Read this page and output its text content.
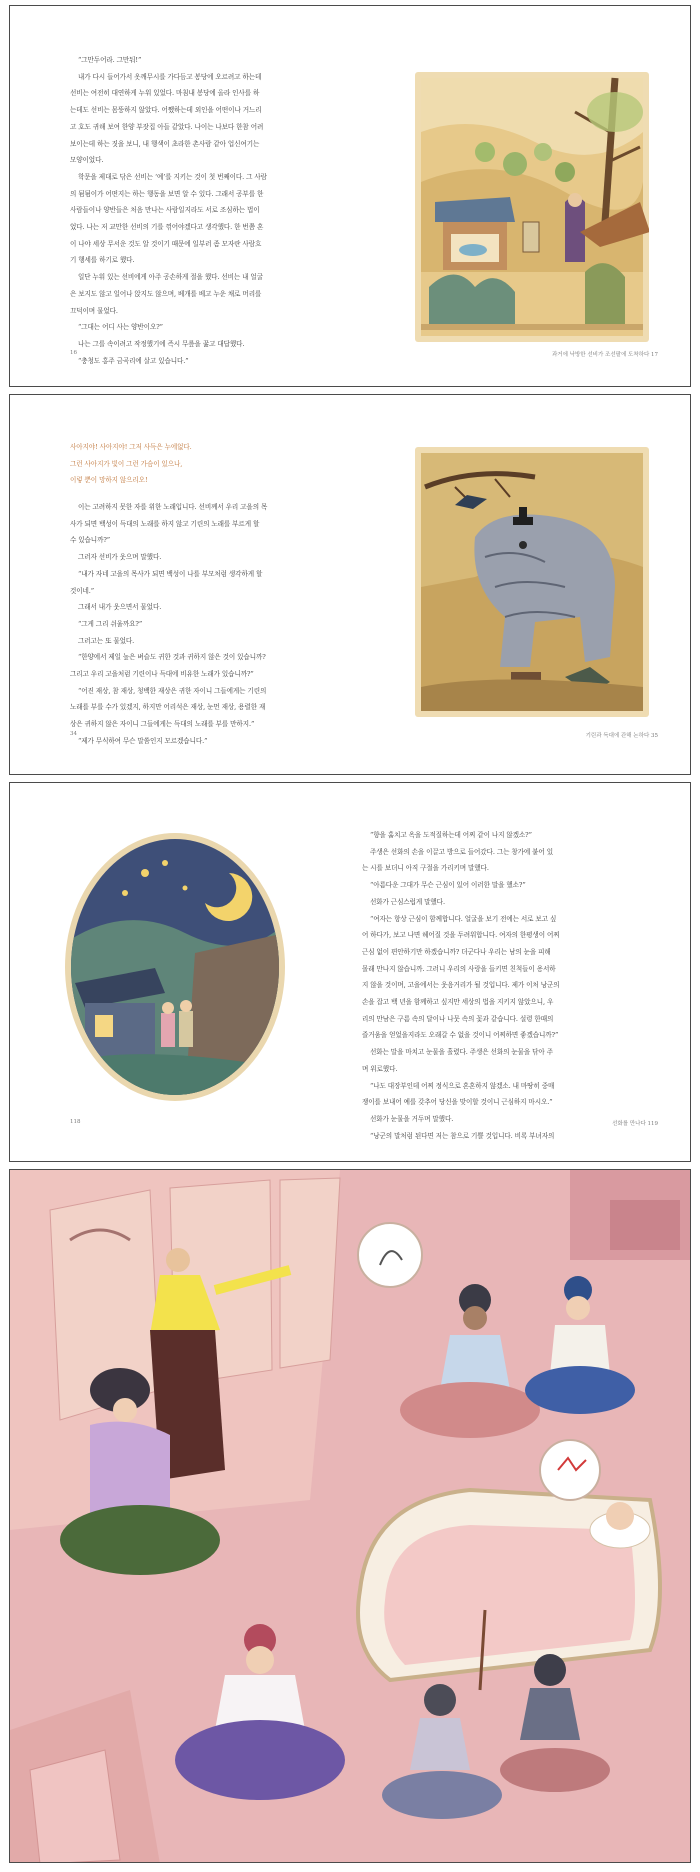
“그만두어라. 그만둬!”

내가 다시 들어가서 옷깨무시를 가다듬고 봉당에 오르려고 하는데

선비는 여전히 대연하게 누워 있었다. 마침내 봉당에 올라 인사를 하

는데도 선비는 몸뚱하지 않았다. 어쨌하는데 외인을 어떤이나 거느리

고 호도 귀해 보여 한양 부잣집 아들 같았다. 나이는 나보다 한참 어려

보이는데 하는 짓을 보니, 내 행색이 초라한 촌사람 같아 업신여기는

모양이었다.

학문을 제대로 닦은 선비는 ‘예’를 지키는 것이 첫 번째이다. 그 사람

의 됨됨이가 어떤지는 하는 행동을 보면 알 수 있다. 그래서 공부를 한

사람들이나 양반들은 처음 만나는 사람일지라도 서로 조심하는 법이

었다. 나는 저 교만한 선비의 기를 꺾어야겠다고 생각했다. 한 번쯤 혼

이 나야 세상 무서운 것도 알 것이기 때문에 일부러 좀 모자란 사람흐

기 행세를 하기로 했다.

일단 누워 있는 선비에게 아주 공손하게 절을 했다. 선비는 내 얼굴

은 보지도 않고 일어나 앉지도 않으며, 베개를 베고 누운 채로 머리를

끄덕이며 물었다.

“그대는 어디 사는 양반이오?”

나는 그를 속이려고 작정했기에 즉시 무릎을 꿇고 대답했다.

“충청도 홍주 금곡리에 살고 있습니다.”

16	과거에 낙방한 선비가 조선팔에 도착하다 17

사아지야! 사아지야! 그저 사득은 누에없다.

그런 사아지가 빛이 그런 가슴이 있으나,

이렇 뿐이 망하지 않으리오!

이는 고려하지 못한 자를 위한 노래입니다. 선비께서 우리 고을의 목

사가 되면 백성이 득대의 노래를 하지 않고 기린의 노래를 부르게 할

수 있습니까?”

그러자 선비가 웃으며 말했다.

“내가 자네 고을의 목사가 되면 백성이 나를 부모처럼 생각하게 할

것이네.”

그래서 내가 웃으면서 물었다.

“그게 그리 쉬울까요?”

그러고는 또 물었다.

“한양에서 제일 높은 벼슬도 귀한 것과 귀하지 않은 것이 있습니까?

그리고 우리 고을처럼 기린이나 득대에 비유한 노래가 있습니까?”

“어진 재상, 참 재상, 청백한 재상은 귀한 자이니 그들에게는 기린의

노래를 부를 수가 있겠지, 하지만 어리석은 재상, 눈먼 재상, 용렬한 재

상은 귀하지 않은 자이니 그들에게는 득대의 노래를 부를 만하지.”

“제가 무식하여 무슨 말씀인지 모르겠습니다.”

34	기린과 득대에 관해 논하다 35

“향을 훔치고 옥을 도적질하는데 어찌 같이 나지 않겠소?”

주생은 선화의 손을 이끌고 방으로 들어갔다. 그는 창가에 붙어 있

는 시를 보더니 아직 구절을 가리키며 말했다.

“아름다운 그대가 무슨 근심이 있어 이러한 말을 했소?”

선화가 근심스럽게 말했다.

“여자는 항상 근심이 함께합니다. 얼굴을 보기 전에는 서로 보고 싶

어 하다가, 보고 나면 헤어질 것을 두려워합니다. 여자의 한평생이 어찌

근심 없이 편안하기만 하겠습니까? 더군다나 우리는 남의 눈을 피해

몰래 만나지 않습니까. 그러니 우리의 사랑을 들키면 친척들이 용서하

지 않을 것이며, 고을에서는 웃음거리가 될 것입니다. 제가 이처 낭군의

손을 잡고 백 년을 함께하고 싶지만 세상의 법을 지키지 않았으니, 우

리의 만남은 구름 속의 달이나 나뭇 속의 꽃과 같습니다. 설령 한때의

즐거움을 얻었을지라도 오래갈 수 없을 것이니 어찌하면 좋겠습니까?”

선화는 말을 마치고 눈물을 흘렸다. 주생은 선화의 눈물을 닦아 주

며 위로했다.

“나도 대장부인데 어찌 정식으로 혼혼하지 않겠소. 내 마땅히 중매

쟁이를 보내어 예를 갖추어 당신을 맞이할 것이니 근심하지 마시오.”

선화가 눈물을 거두며 말했다.

“낭군의 말처럼 된다면 저는 참으로 기쁠 것입니다. 비록 부녀자의

118	선화를 만나다 119
